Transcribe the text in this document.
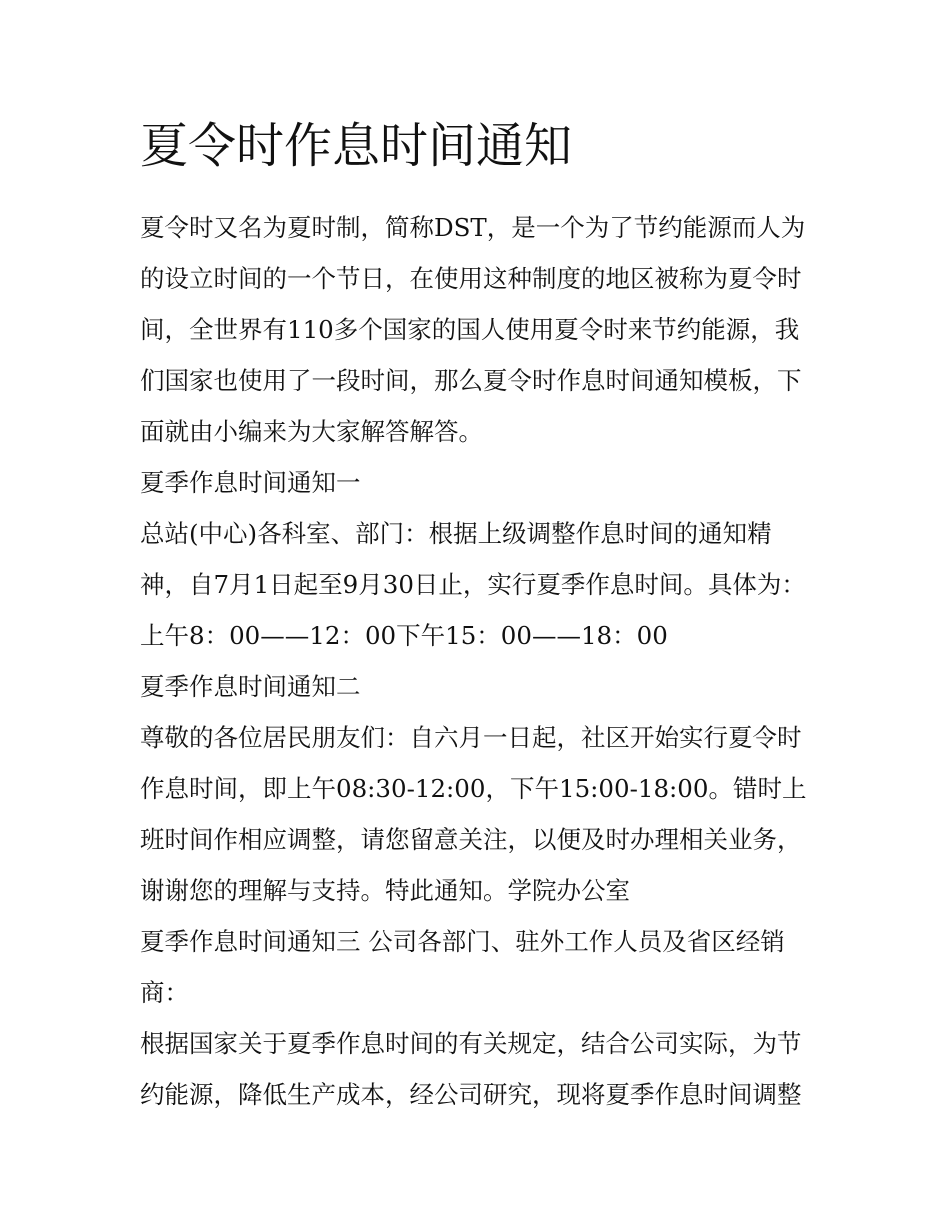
夏令时作息时间通知

夏令时又名为夏时制，简称DST，是一个为了节约能源而人为的设立时间的一个节日，在使用这种制度的地区被称为夏令时间，全世界有110多个国家的国人使用夏令时来节约能源，我们国家也使用了一段时间，那么夏令时作息时间通知模板，下面就由小编来为大家解答解答。

夏季作息时间通知一

总站(中心)各科室、部门：根据上级调整作息时间的通知精神，自7月1日起至9月30日止，实行夏季作息时间。具体为：上午8：00——12：00下午15：00——18：00

夏季作息时间通知二

尊敬的各位居民朋友们：自六月一日起，社区开始实行夏令时作息时间，即上午08:30-12:00，下午15:00-18:00。错时上班时间作相应调整，请您留意关注，以便及时办理相关业务，谢谢您的理解与支持。特此通知。学院办公室

夏季作息时间通知三 公司各部门、驻外工作人员及省区经销商：

根据国家关于夏季作息时间的有关规定，结合公司实际，为节约能源，降低生产成本，经公司研究，现将夏季作息时间调整
